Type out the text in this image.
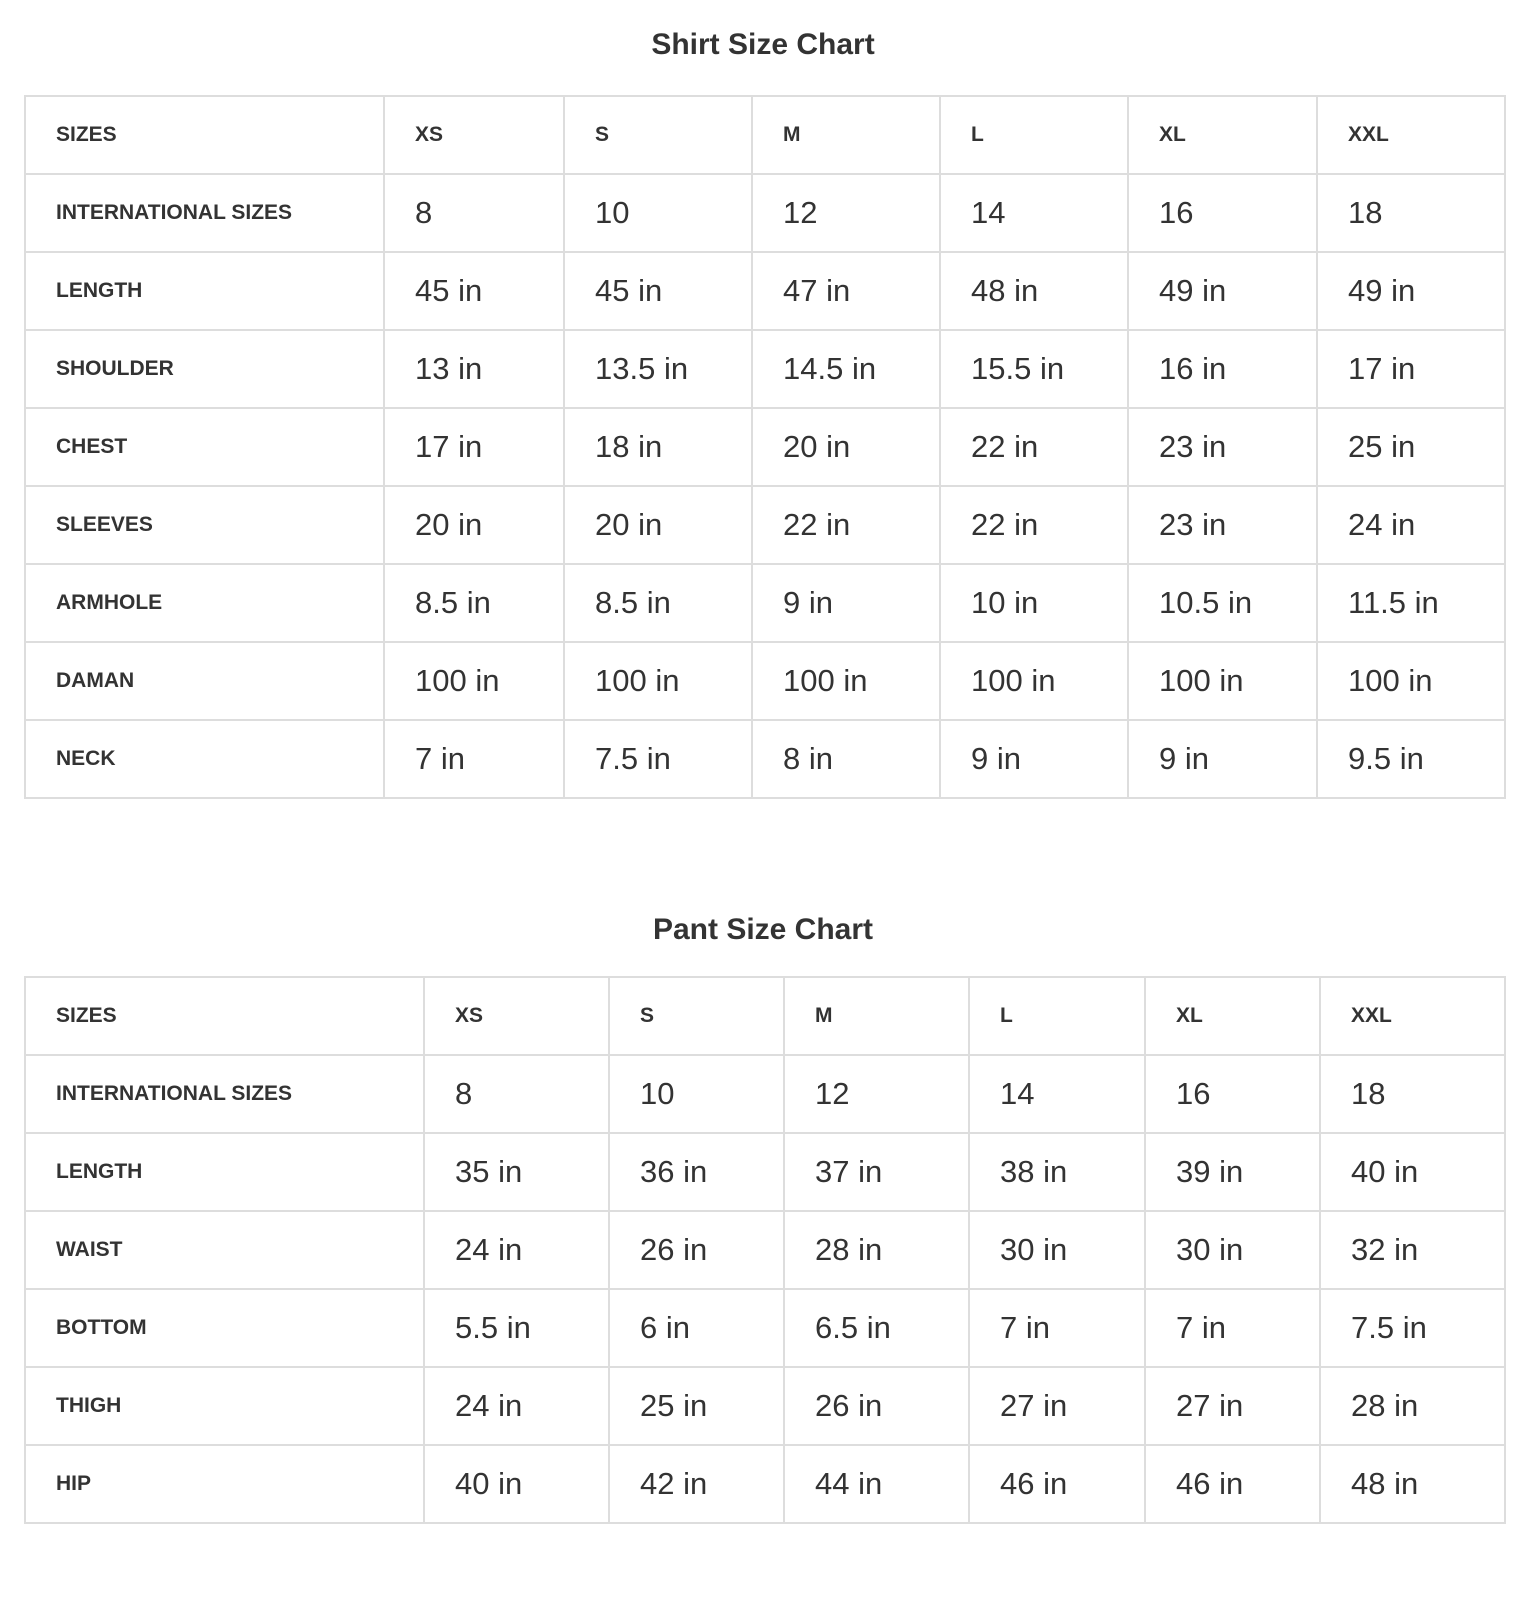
Shirt Size Chart
SIZES	XS	S	M	L	XL	XXL
INTERNATIONAL SIZES	8	10	12	14	16	18
LENGTH	45 in	45 in	47 in	48 in	49 in	49 in
SHOULDER	13 in	13.5 in	14.5 in	15.5 in	16 in	17 in
CHEST	17 in	18 in	20 in	22 in	23 in	25 in
SLEEVES	20 in	20 in	22 in	22 in	23 in	24 in
ARMHOLE	8.5 in	8.5 in	9 in	10 in	10.5 in	11.5 in
DAMAN	100 in	100 in	100 in	100 in	100 in	100 in
NECK	7 in	7.5 in	8 in	9 in	9 in	9.5 in
Pant Size Chart
SIZES	XS	S	M	L	XL	XXL
INTERNATIONAL SIZES	8	10	12	14	16	18
LENGTH	35 in	36 in	37 in	38 in	39 in	40 in
WAIST	24 in	26 in	28 in	30 in	30 in	32 in
BOTTOM	5.5 in	6 in	6.5 in	7 in	7 in	7.5 in
THIGH	24 in	25 in	26 in	27 in	27 in	28 in
HIP	40 in	42 in	44 in	46 in	46 in	48 in
